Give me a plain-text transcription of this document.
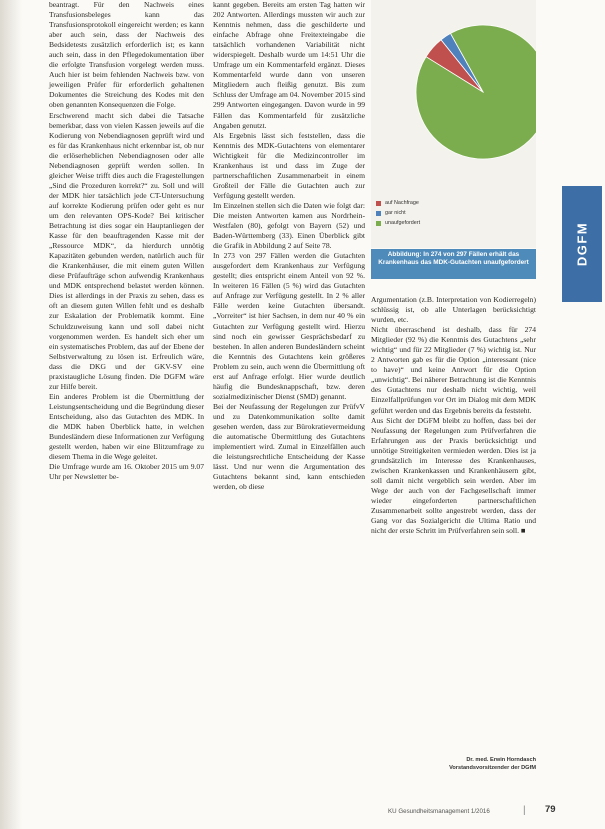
beantragt. Für den Nachweis eines Transfusionsbeleges kann das Transfusionsprotokoll eingereicht werden; es kann aber auch sein, dass der Nachweis des Bedsidetests zusätzlich erforderlich ist; es kann auch sein, dass in den Pflegedokumentation über die erfolgte Transfusion vorgelegt werden muss. Auch hier ist beim fehlenden Nachweis bzw. von jeweiligen Prüfer für erforderlich gehaltenen Dokumentes die Streichung des Kodes mit den oben genannten Konsequenzen die Folge.

Erschwerend macht sich dabei die Tatsache bemerkbar, dass von vielen Kassen jeweils auf die Kodierung von Nebendiagnosen geprüft wird und es für das Krankenhaus nicht erkennbar ist, ob nur die erlöserheblichen Nebendiagnosen oder alle Nebendiagnosen geprüft werden sollen. In gleicher Weise trifft dies auch die Fragestellungen „Sind die Prozeduren korrekt?“ zu. Soll und will der MDK hier tatsächlich jede CT-Untersuchung auf korrekte Kodierung prüfen oder geht es nur um den relevanten OPS-Kode? Bei kritischer Betrachtung ist dies sogar ein Hauptanliegen der Kasse für den beauftragenden Kasse mit der „Ressource MDK“, da hierdurch unnötig Kapazitäten gebunden werden, natürlich auch für die Krankenhäuser, die mit einem guten Willen diese Prüfaufträge schon aufwendig Krankenhaus und MDK entsprechend belastet werden können. Dies ist allerdings in der Praxis zu sehen, dass es oft an diesem guten Willen fehlt und es deshalb zur Eskalation der Problematik kommt. Eine Schuldzuweisung kann und soll dabei nicht vorgenommen werden. Es handelt sich eher um ein systematisches Problem, das auf der Ebene der Selbstverwaltung zu lösen ist. Erfreulich wäre, dass die DKG und der GKV-SV eine praxistaugliche Lösung finden. Die DGFM wäre zur Hilfe bereit.

Ein anderes Problem ist die Übermittlung der Leistungsentscheidung und die Begründung dieser Entscheidung, also das Gutachten des MDK. In die MDK haben Überblick hatte, in welchen Bundesländern diese Informationen zur Verfügung gestellt werden, haben wir eine Blitzumfrage zu diesem Thema in die Wege geleitet.

Die Umfrage wurde am 16. Oktober 2015 um 9.07 Uhr per Newsletter be-

kannt gegeben. Bereits am ersten Tag hatten wir 202 Antworten. Allerdings mussten wir auch zur Kenntnis nehmen, dass die geschilderte und einfache Abfrage ohne Freitexteingabe die tatsächlich vorhandenen Variabilität nicht widerspiegelt. Deshalb wurde um 14:51 Uhr die Umfrage um ein Kommentarfeld ergänzt. Dieses Kommentarfeld wurde dann von unseren Mitgliedern auch fleißig genutzt. Bis zum Schluss der Umfrage am 04. November 2015 sind 299 Antworten eingegangen. Davon wurde in 99 Fällen das Kommentarfeld für zusätzliche Angaben genutzt.

Als Ergebnis lässt sich feststellen, dass die Kenntnis des MDK-Gutachtens von elementarer Wichtigkeit für die Medizincontroller im Krankenhaus ist und dass im Zuge der partnerschaftlichen Zusammenarbeit in einem Großteil der Fälle die Gutachten auch zur Verfügung gestellt werden.

Im Einzelnen stellen sich die Daten wie folgt dar: Die meisten Antworten kamen aus Nordrhein-Westfalen (80), gefolgt von Bayern (52) und Baden-Württemberg (33). Einen Überblick gibt die Grafik in Abbildung 2 auf Seite 78.

In 273 von 297 Fällen werden die Gutachten ausgefordert dem Krankenhaus zur Verfügung gestellt; dies entspricht einem Anteil von 92 %. In weiteren 16 Fällen (5 %) wird das Gutachten auf Anfrage zur Verfügung gestellt. In 2 % aller Fälle werden keine Gutachten übersandt. „Vorreiter“ ist hier Sachsen, in dem nur 40 % ein Gutachten zur Verfügung gestellt wird. Hierzu sind noch ein gewisser Gesprächsbedarf zu bestehen. In allen anderen Bundesländern scheint die Kenntnis des Gutachtens kein größeres Problem zu sein, auch wenn die Übermittlung oft erst auf Anfrage erfolgt. Hier wurde deutlich häufig die Bundesknappschaft, bzw. deren sozialmedizinischer Dienst (SMD) genannt.

Bei der Neufassung der Regelungen zur PrüfvV und zu Datenkommunikation sollte damit gesehen werden, dass zur Bürokratievermeidung die automatische Übermittlung des Gutachtens implementiert wird. Zumal in Einzelfällen auch die leistungsrechtliche Entscheidung der Kasse lässt. Und nur wenn die Argumentation des Gutachtens bekannt sind, kann entschieden werden, ob diese

auf Nachfrage
gar nicht
unaufgefordert
Abbildung: In 274 von 297 Fällen erhält das Krankenhaus das MDK-Gutachten unaufgefordert

Argumentation (z.B. Interpretation von Kodierregeln) schlüssig ist, ob alle Unterlagen berücksichtigt wurden, etc.

Nicht überraschend ist deshalb, dass für 274 Mitglieder (92 %) die Kenntnis des Gutachtens „sehr wichtig“ und für 22 Mitglieder (7 %) wichtig ist. Nur 2 Antworten gab es für die Option „interessant (nice to have)“ und keine Antwort für die Option „unwichtig“. Bei näherer Betrachtung ist die Kenntnis des Gutachtens nur deshalb nicht wichtig, weil Einzelfallprüfungen vor Ort im Dialog mit dem MDK geführt werden und das Ergebnis bereits da feststeht.

Aus Sicht der DGFM bleibt zu hoffen, dass bei der Neufassung der Regelungen zum Prüfverfahren die Erfahrungen aus der Praxis berücksichtigt und unnötige Streitigkeiten vermieden werden. Dies ist ja grundsätzlich im Interesse des Krankenhauses, zwischen Krankenkassen und Krankenhäusern gibt, soll damit nicht vergeblich sein werden. Aber im Wege der auch von der Fachgesellschaft immer wieder eingeforderten partnerschaftlichen Zusammenarbeit sollte angestrebt werden, dass der Gang vor das Sozialgericht die Ultima Ratio und nicht der erste Schritt im Prüfverfahren sein soll. ■

Dr. med. Erwin Horndasch
Vorstandsvorsitzender der DGfM
DGFM
KU Gesundheitsmanagement 1/2016	| 79
